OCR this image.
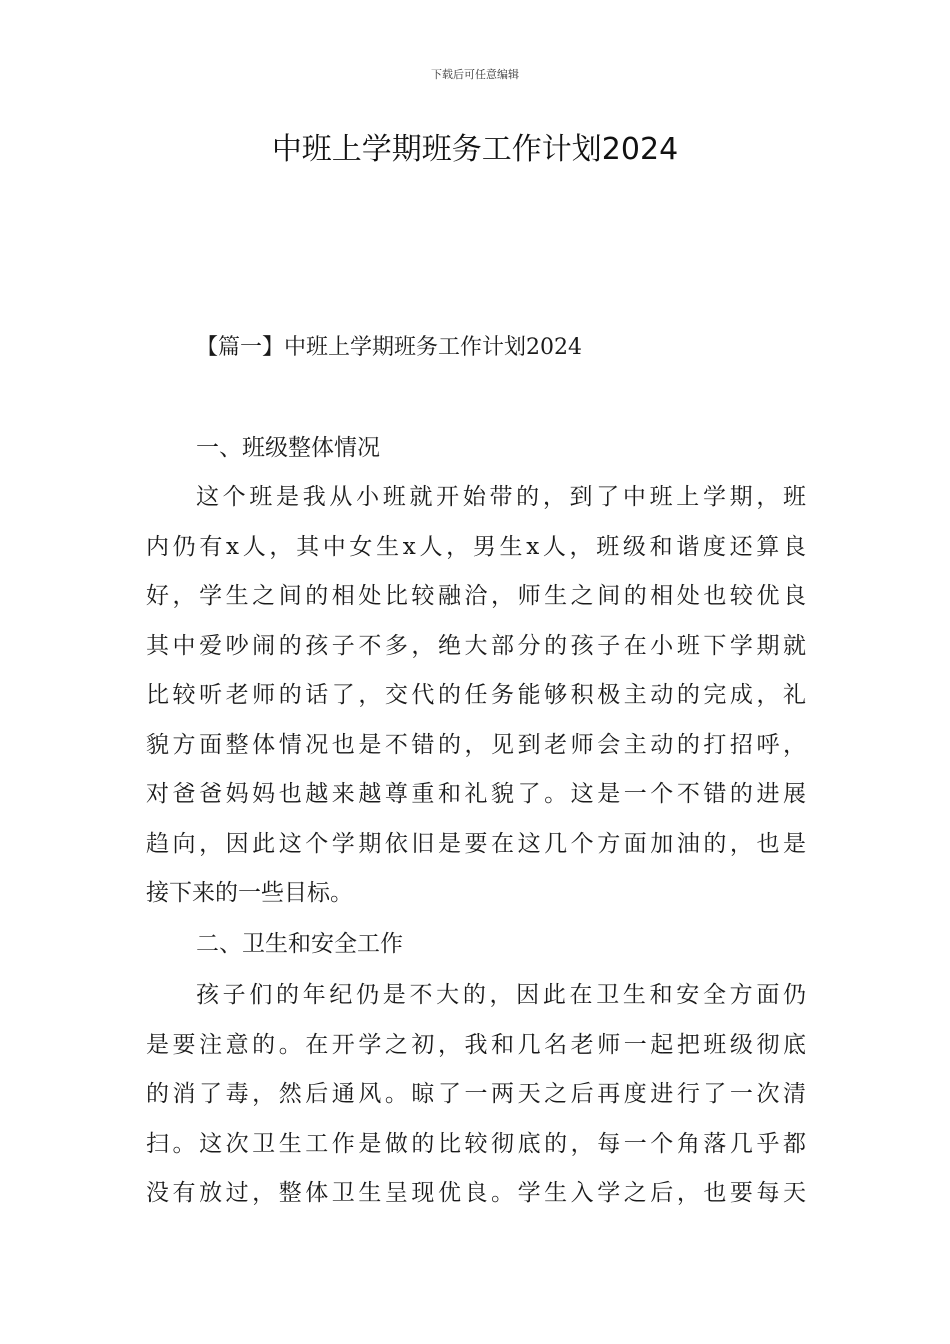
下载后可任意编辑
中班上学期班务工作计划2024
【篇一】中班上学期班务工作计划2024
一、班级整体情况
这个班是我从小班就开始带的，到了中班上学期，班
内仍有x人，其中女生x人，男生x人，班级和谐度还算良
好，学生之间的相处比较融洽，师生之间的相处也较优良
其中爱吵闹的孩子不多，绝大部分的孩子在小班下学期就
比较听老师的话了，交代的任务能够积极主动的完成，礼
貌方面整体情况也是不错的，见到老师会主动的打招呼，
对爸爸妈妈也越来越尊重和礼貌了。这是一个不错的进展
趋向，因此这个学期依旧是要在这几个方面加油的，也是
接下来的一些目标。
二、卫生和安全工作
孩子们的年纪仍是不大的，因此在卫生和安全方面仍
是要注意的。在开学之初，我和几名老师一起把班级彻底
的消了毒，然后通风。晾了一两天之后再度进行了一次清
扫。这次卫生工作是做的比较彻底的，每一个角落几乎都
没有放过，整体卫生呈现优良。学生入学之后，也要每天
